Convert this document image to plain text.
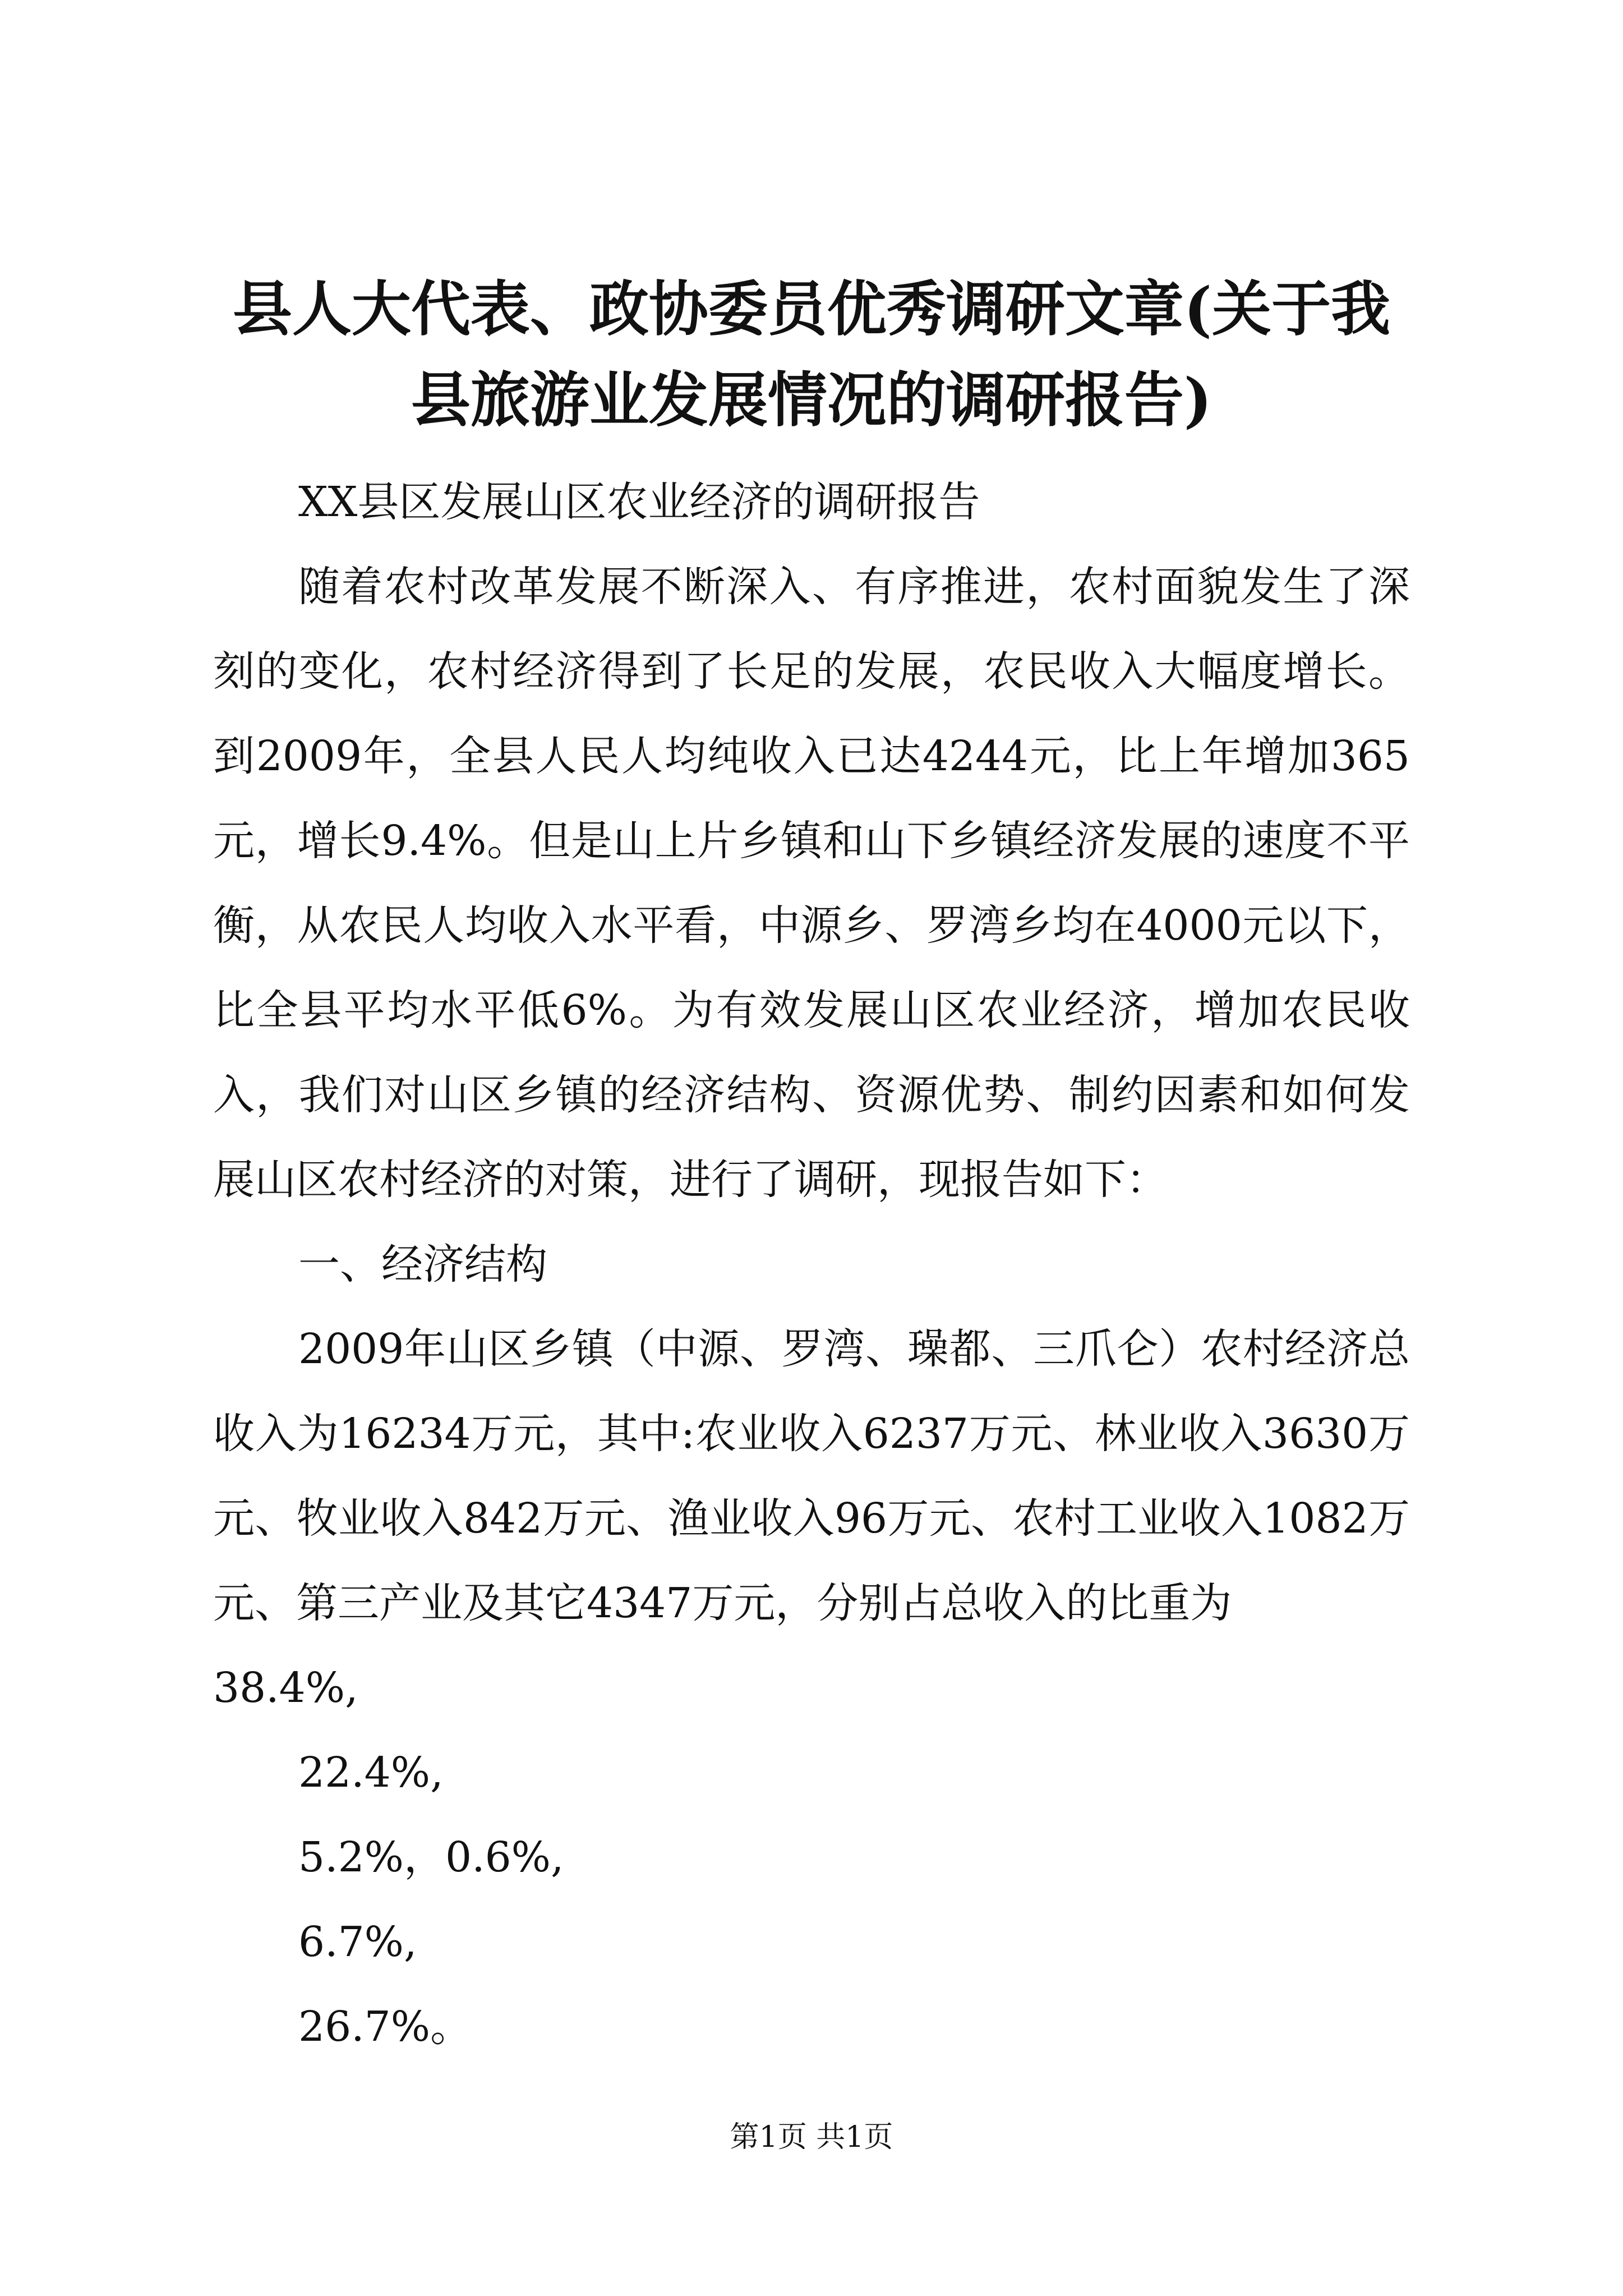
县人大代表、政协委员优秀调研文章(关于我县旅游业发展情况的调研报告)

XX县区发展山区农业经济的调研报告

随着农村改革发展不断深入、有序推进，农村面貌发生了深刻的变化，农村经济得到了长足的发展，农民收入大幅度增长。到2009年，全县人民人均纯收入已达4244元，比上年增加365元，增长9.4%。但是山上片乡镇和山下乡镇经济发展的速度不平衡，从农民人均收入水平看，中源乡、罗湾乡均在4000元以下，比全县平均水平低6%。为有效发展山区农业经济，增加农民收入，我们对山区乡镇的经济结构、资源优势、制约因素和如何发展山区农村经济的对策，进行了调研，现报告如下：

一、经济结构

2009年山区乡镇（中源、罗湾、璪都、三爪仑）农村经济总收入为16234万元，其中:农业收入6237万元、林业收入3630万元、牧业收入842万元、渔业收入96万元、农村工业收入1082万元、第三产业及其它4347万元，分别占总收入的比重为

38.4%,

22.4%,

5.2%，0.6%,

6.7%,

26.7%。

第1页 共1页
